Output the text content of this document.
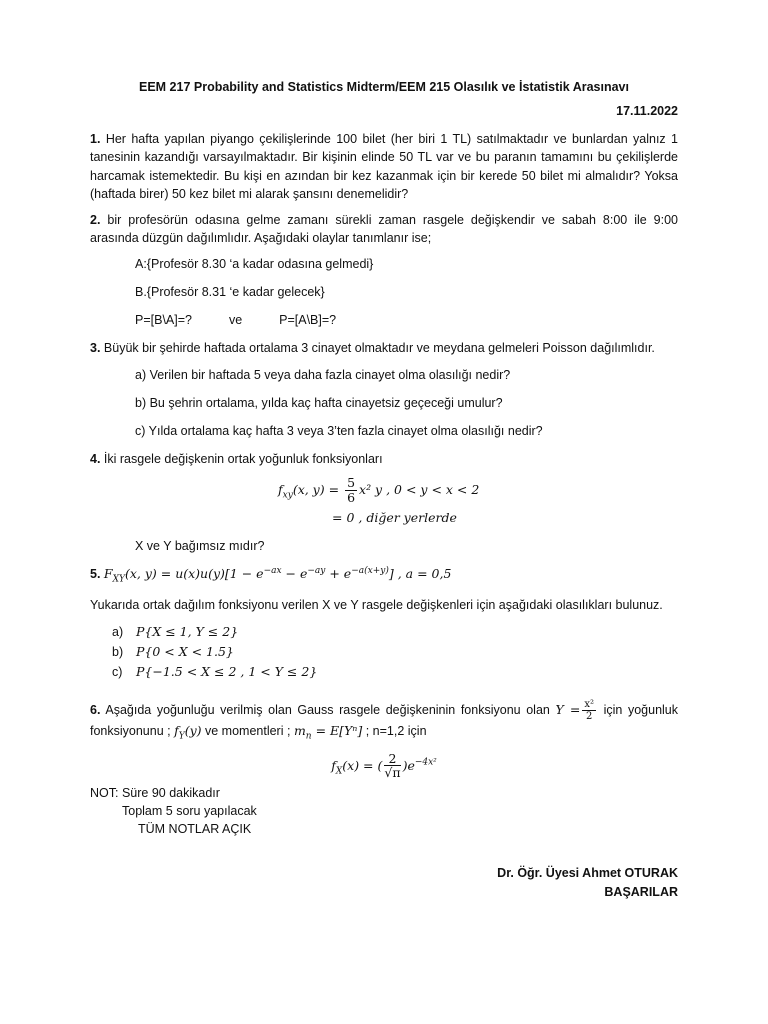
EEM 217 Probability and Statistics Midterm/EEM 215 Olasılık ve İstatistik Arasınavı

17.11.2022

1. Her hafta yapılan piyango çekilişlerinde 100 bilet (her biri 1 TL) satılmaktadır ve bunlardan yalnız 1 tanesinin kazandığı varsayılmaktadır. Bir kişinin elinde 50 TL var ve bu paranın tamamını bu çekilişlerde harcamak istemektedir. Bu kişi en azından bir kez kazanmak için bir kerede 50 bilet mi almalıdır? Yoksa (haftada birer) 50 kez bilet mi alarak şansını denemelidir?

2. bir profesörün odasına gelme zamanı sürekli zaman rasgele değişkendir ve sabah 8:00 ile 9:00 arasında düzgün dağılımlıdır. Aşağıdaki olaylar tanımlanır ise;

A:{Profesör 8.30 ‘a kadar odasına gelmedi}

B.{Profesör 8.31 ‘e kadar gelecek}

P=[B\A]=?	ve	P=[A\B]=?

3. Büyük bir şehirde haftada ortalama 3 cinayet olmaktadır ve meydana gelmeleri Poisson dağılımlıdır.

a) Verilen bir haftada 5 veya daha fazla cinayet olma olasılığı nedir?

b) Bu şehrin ortalama, yılda kaç hafta cinayetsiz geçeceği umulur?

c) Yılda ortalama kaç hafta 3 veya 3’ten fazla cinayet olma olasılığı nedir?

4. İki rasgele değişkenin ortak yoğunluk fonksiyonları

$f_{xy}(x$, $y) = \frac{5}{6} x^2$ y , 0 < y < x < 2
= 0 , diğer yerlerde

X ve Y bağımsız mıdır?

5. $F_{XY}(x$, $y) = u(x)u(y)[1 - e^{-ax} - e^{-ay} + e^{-a(x+y)}]$ , a = 0,5

Yukarıda ortak dağılım fonksiyonu verilen X ve Y rasgele değişkenleri için aşağıdaki olasılıkları bulunuz.

a) P{X ≤ 1, Y ≤ 2}
b) P{0 < X < 1.5}
c) P{−1.5 < X ≤ 2 , 1 < Y ≤ 2}

6. Aşağıda yoğunluğu verilmiş olan Gauss rasgele değişkeninin fonksiyonu olan $Y = \frac{\text{x²}}{2}$ için yoğunluk fonksiyonunu ; $f_Y(y)$ ve momentleri ; $m_n = E[Y^n]$ ; n=1,2 için

$f_X(x)$ = ( $\frac{2}{√\pi} )e^{-4x^2}$
NOT: Süre 90 dakikadır
Toplam 5 soru yapılacak
TÜM NOTLAR AÇIK
Dr. Öğr. Üyesi Ahmet OTURAK
BAŞARILAR
